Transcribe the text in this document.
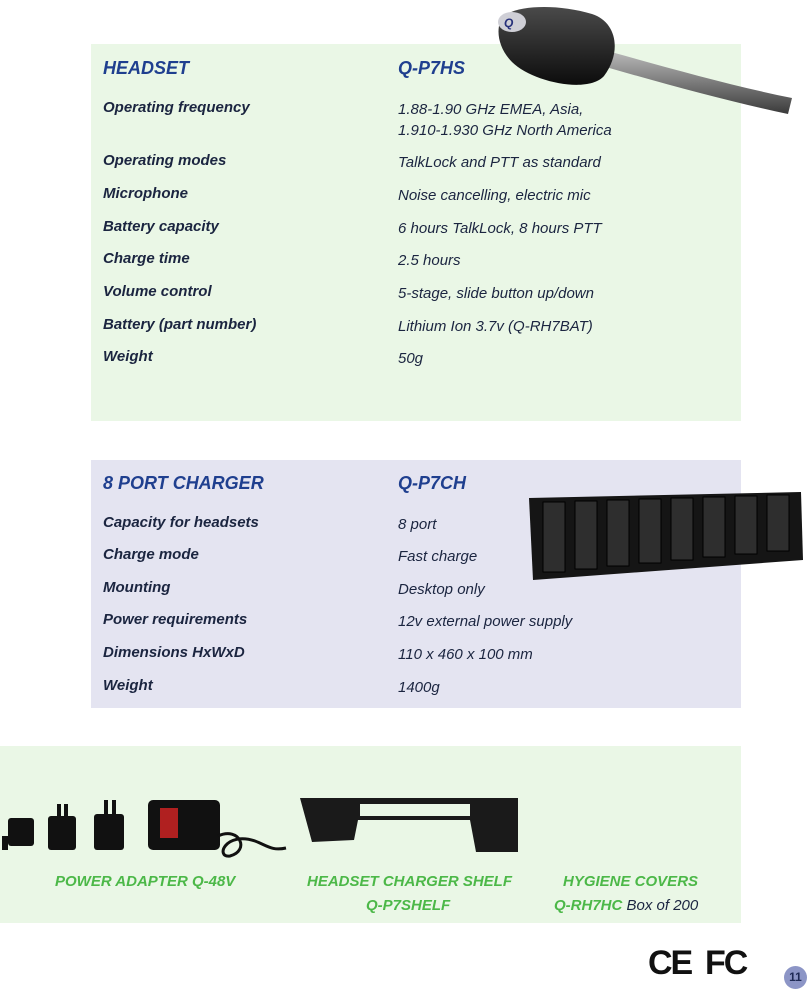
HEADSET	Q-P7HS
Operating frequency	1.88-1.90 GHz EMEA, Asia,
1.910-1.930 GHz North America
Operating modes	TalkLock and PTT as standard
Microphone	Noise cancelling, electric mic
Battery capacity	6 hours TalkLock, 8 hours PTT
Charge time	2.5 hours
Volume control	5-stage, slide button up/down
Battery (part number)	Lithium Ion 3.7v (Q-RH7BAT)
Weight	50g
Q
8 PORT CHARGER	Q-P7CH
Capacity for headsets	8 port
Charge mode	Fast charge
Mounting	Desktop only
Power requirements	12v external power supply
Dimensions HxWxD	110 x 460 x 100 mm
Weight	1400g
POWER ADAPTER Q-48V	HEADSET CHARGER SHELF
Q-P7SHELF
HYGIENE COVERS
Q-RH7HC Box of 200
CE FC	11
